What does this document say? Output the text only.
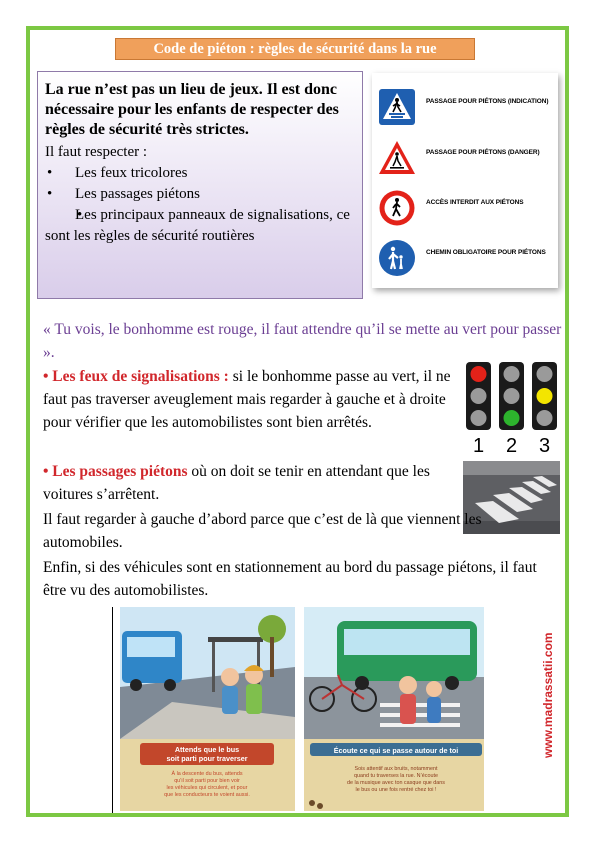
Code de piéton : règles de sécurité dans la rue

La rue n’est pas un lieu de jeux. Il est donc nécessaire pour les enfants de respecter des règles de sécurité très strictes.

Il faut respecter :
• Les feux tricolores
• Les passages piétons
• Les principaux panneaux de signalisations, ce sont les règles de sécurité routières
PASSAGE POUR PIÉTONS (INDICATION)
PASSAGE POUR PIÉTONS (DANGER)
ACCÈS INTERDIT AUX PIÉTONS
CHEMIN OBLIGATOIRE POUR PIÉTONS
« Tu vois, le bonhomme est rouge, il faut attendre qu’il se mette au vert pour passer ».
• Les feux de signalisations : si le bonhomme passe au vert, il ne faut pas traverser aveuglement mais regarder à gauche et à droite pour vérifier que les automobilistes sont bien arrêtés.
1 2 3
• Les passages piétons où on doit se tenir en attendant que les voitures s’arrêtent.
Il faut regarder à gauche d’abord parce que c’est de là que viennent les automobiles.
Enfin, si des véhicules sont en stationnement au bord du passage piétons, il faut être vu des automobilistes.
Attends que le bus
soit parti pour traverser
À la descente du bus, attends
qu’il soit parti pour bien voir
les véhicules qui circulent, et pour
que les conducteurs te voient aussi.
Écoute ce qui se passe autour de toi
Sois attentif aux bruits, notamment
quand tu traverses la rue. N’écoute
de la musique avec ton casque que dans
le bus ou une fois rentré chez toi !
www.madrassatii.com
